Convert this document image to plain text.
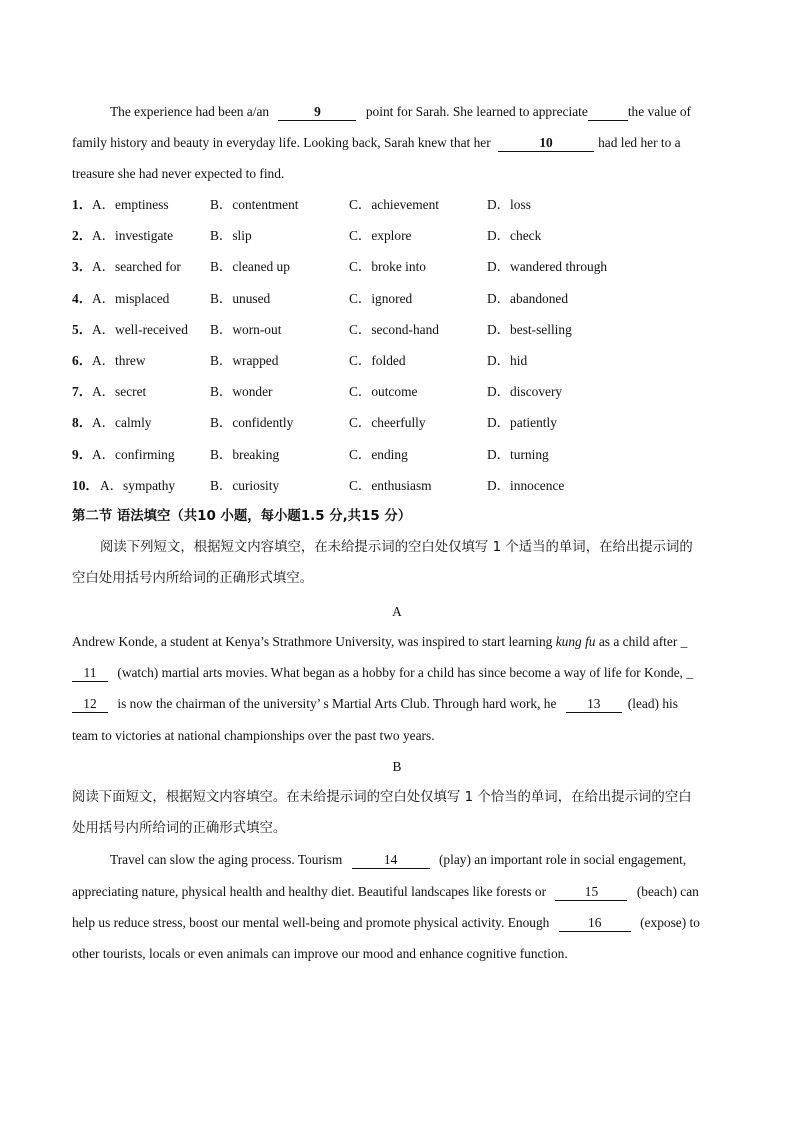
The experience had been a/an	9	point for Sarah. She learned to appreciate	the value of
family history and beauty in everyday life. Looking back, Sarah knew that her	10	had led her to a
treasure she had never expected to find.
1． A．emptiness	B．contentment	C．achievement	D．loss
2． A．investigate	B．slip	C．explore	D．check
3． A．searched for B．cleaned up	C．broke into	D．wandered through
4． A．misplaced	B．unused	C．ignored	D．abandoned
5． A．well-received B．worn-out	C．second-hand	D．best-selling
6． A．threw	B．wrapped	C．folded	D．hid
7． A．secret	B．wonder	C．outcome	D．discovery
8． A．calmly	B．confidently	C．cheerfully	D．patiently
9． A．confirming	B．breaking	C．ending	D．turning
10． A．sympathy	B．curiosity	C．enthusiasm	D．innocence
第二节 语法填空（共10 小题，每小题1.5 分,共15 分）
阅读下列短文，根据短文内容填空，在未给提示词的空白处仅填写 1 个适当的单词，在给出提示词的
空白处用括号内所给词的正确形式填空。
A
Andrew Konde, a student at Kenya’s Strathmore University, was inspired to start learning kung fu as a child after _
11 (watch) martial arts movies. What began as a hobby for a child has since become a way of life for Konde, _
12 is now the chairman of the university’ s Martial Arts Club. Through hard work, he 13 (lead) his
team to victories at national championships over the past two years.
B
阅读下面短文，根据短文内容填空。在未给提示词的空白处仅填写 1 个恰当的单词，在给出提示词的空白
处用括号内所给词的正确形式填空。
Travel can slow the aging process. Tourism	14	(play) an important role in social engagement,
appreciating nature, physical health and healthy diet. Beautiful landscapes like forests or	15	(beach) can
help us reduce stress, boost our mental well-being and promote physical activity. Enough	16	(expose) to
other tourists, locals or even animals can improve our mood and enhance cognitive function.
